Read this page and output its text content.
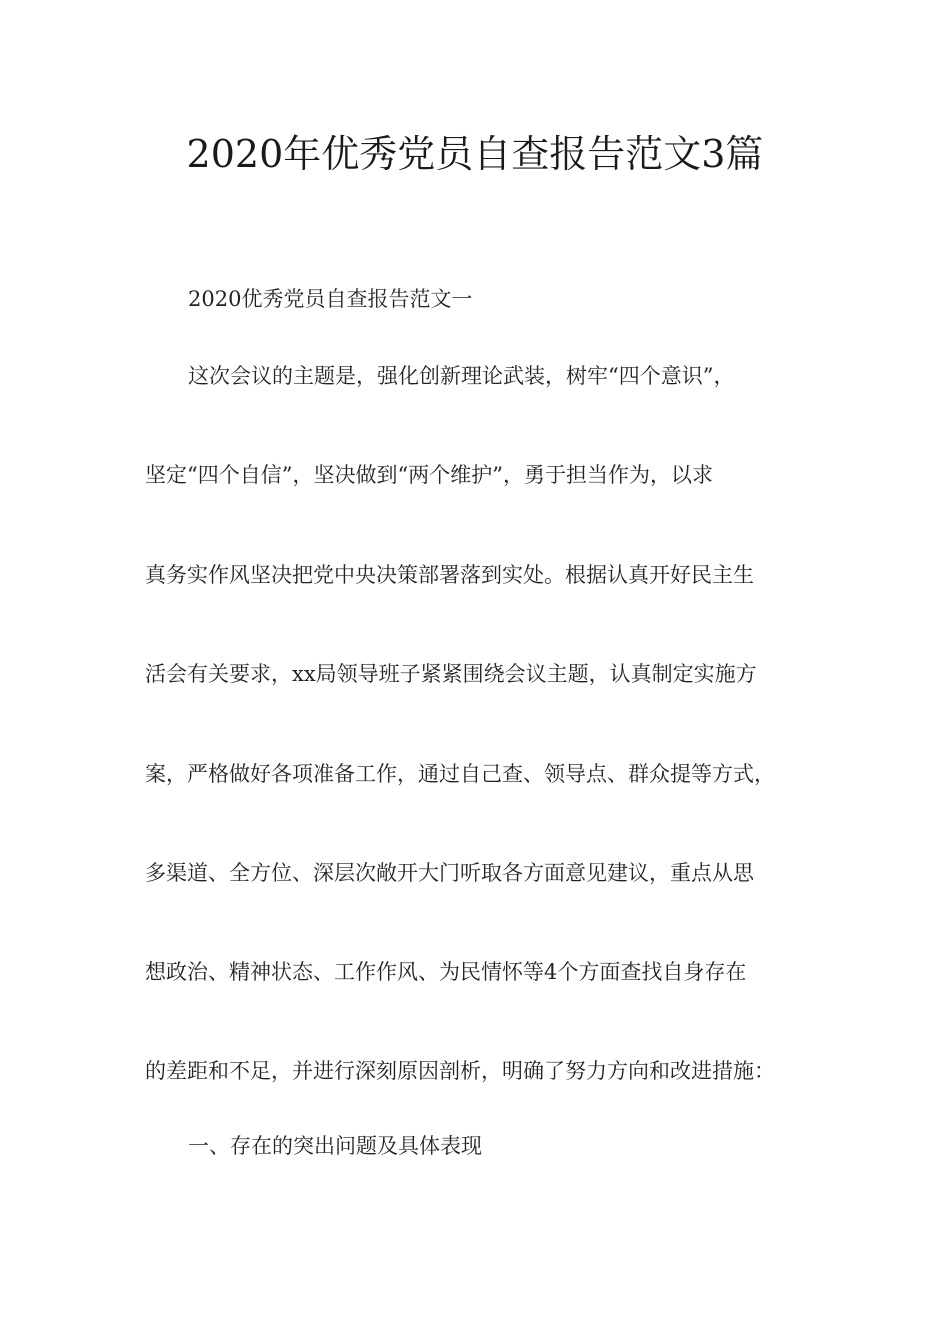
2020年优秀党员自查报告范文3篇

2020优秀党员自查报告范文一

这次会议的主题是，强化创新理论武装，树牢“四个意识”，

坚定“四个自信”，坚决做到“两个维护”，勇于担当作为，以求

真务实作风坚决把党中央决策部署落到实处。根据认真开好民主生

活会有关要求，xx局领导班子紧紧围绕会议主题，认真制定实施方

案，严格做好各项准备工作，通过自己查、领导点、群众提等方式，

多渠道、全方位、深层次敞开大门听取各方面意见建议，重点从思

想政治、精神状态、工作作风、为民情怀等4个方面查找自身存在

的差距和不足，并进行深刻原因剖析，明确了努力方向和改进措施：

一、存在的突出问题及具体表现
